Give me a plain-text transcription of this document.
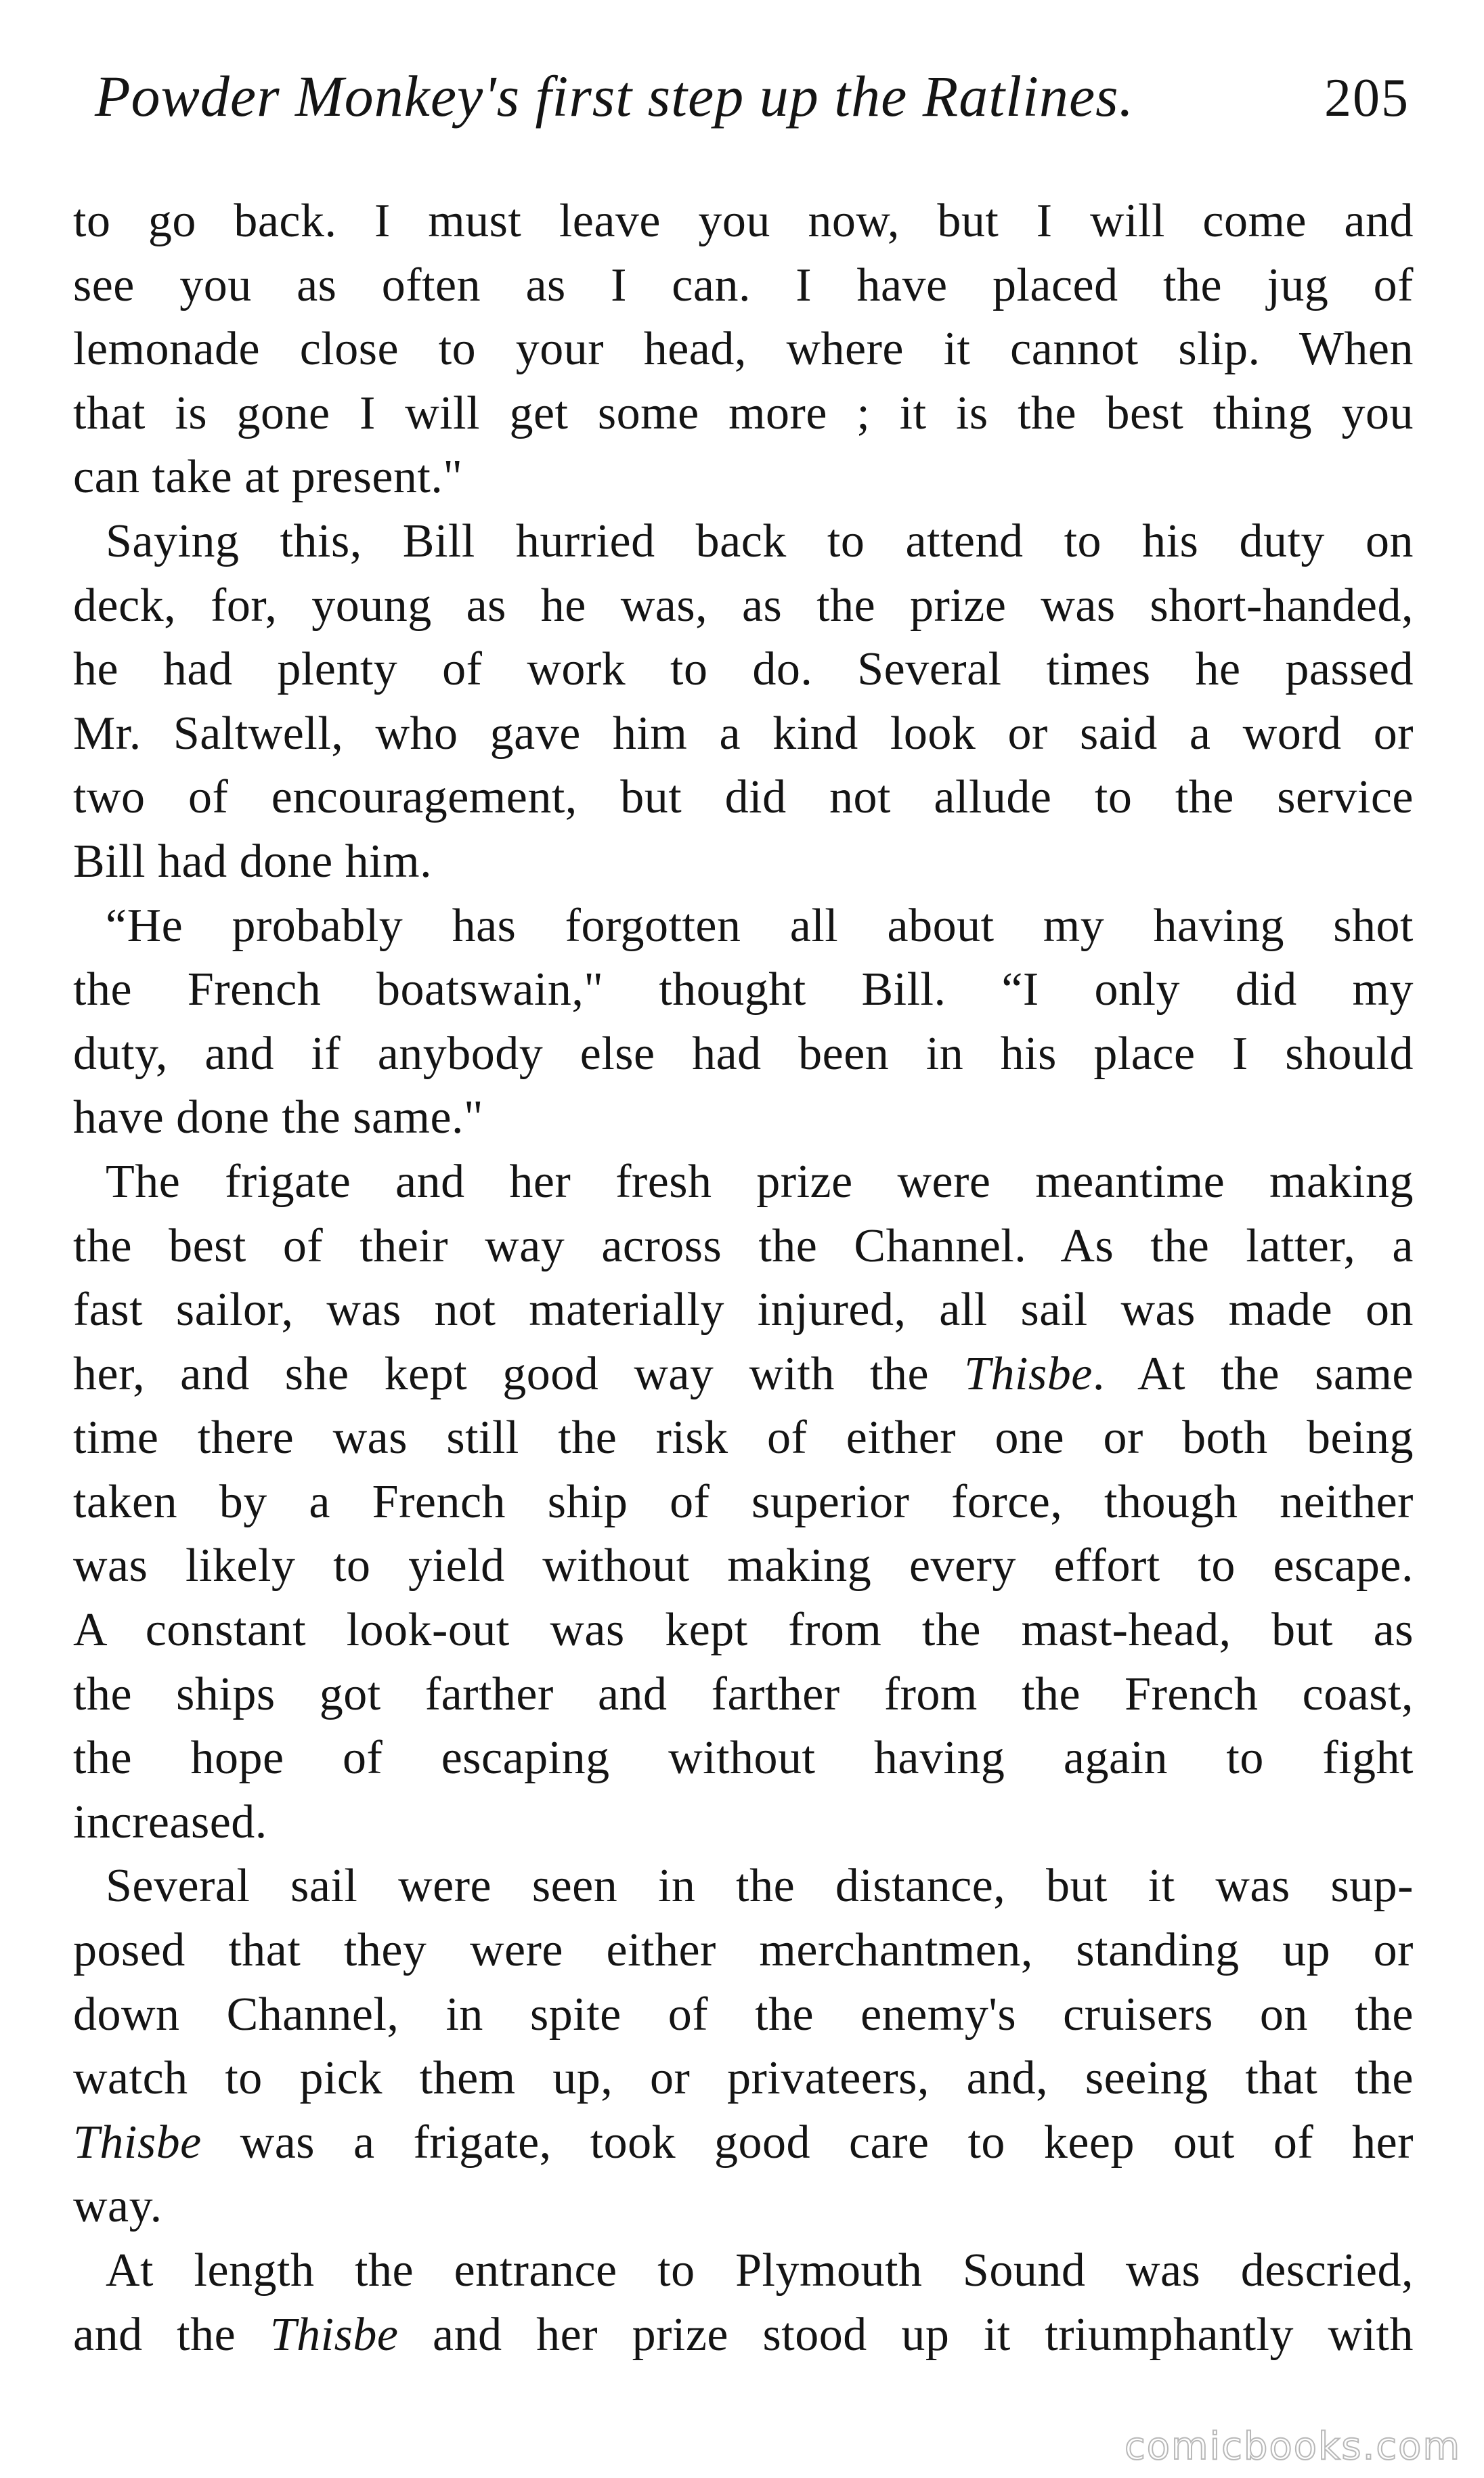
Powder Monkey's first step up the Ratlines.	205
to go back. I must leave you now, but I will come and
see you as often as I can. I have placed the jug of
lemonade close to your head, where it cannot slip. When
that is gone I will get some more ; it is the best thing you
can take at present."
Saying this, Bill hurried back to attend to his duty on
deck, for, young as he was, as the prize was short-handed,
he had plenty of work to do. Several times he passed
Mr. Saltwell, who gave him a kind look or said a word or
two of encouragement, but did not allude to the service
Bill had done him.
“He probably has forgotten all about my having shot
the French boatswain," thought Bill. “I only did my
duty, and if anybody else had been in his place I should
have done the same."
The frigate and her fresh prize were meantime making
the best of their way across the Channel. As the latter, a
fast sailor, was not materially injured, all sail was made on
her, and she kept good way with the Thisbe. At the same
time there was still the risk of either one or both being
taken by a French ship of superior force, though neither
was likely to yield without making every effort to escape.
A constant look-out was kept from the mast-head, but as
the ships got farther and farther from the French coast,
the hope of escaping without having again to fight
increased.
Several sail were seen in the distance, but it was sup-
posed that they were either merchantmen, standing up or
down Channel, in spite of the enemy's cruisers on the
watch to pick them up, or privateers, and, seeing that the
Thisbe was a frigate, took good care to keep out of her
way.
At length the entrance to Plymouth Sound was descried,
and the Thisbe and her prize stood up it triumphantly with
comicbooks.com
